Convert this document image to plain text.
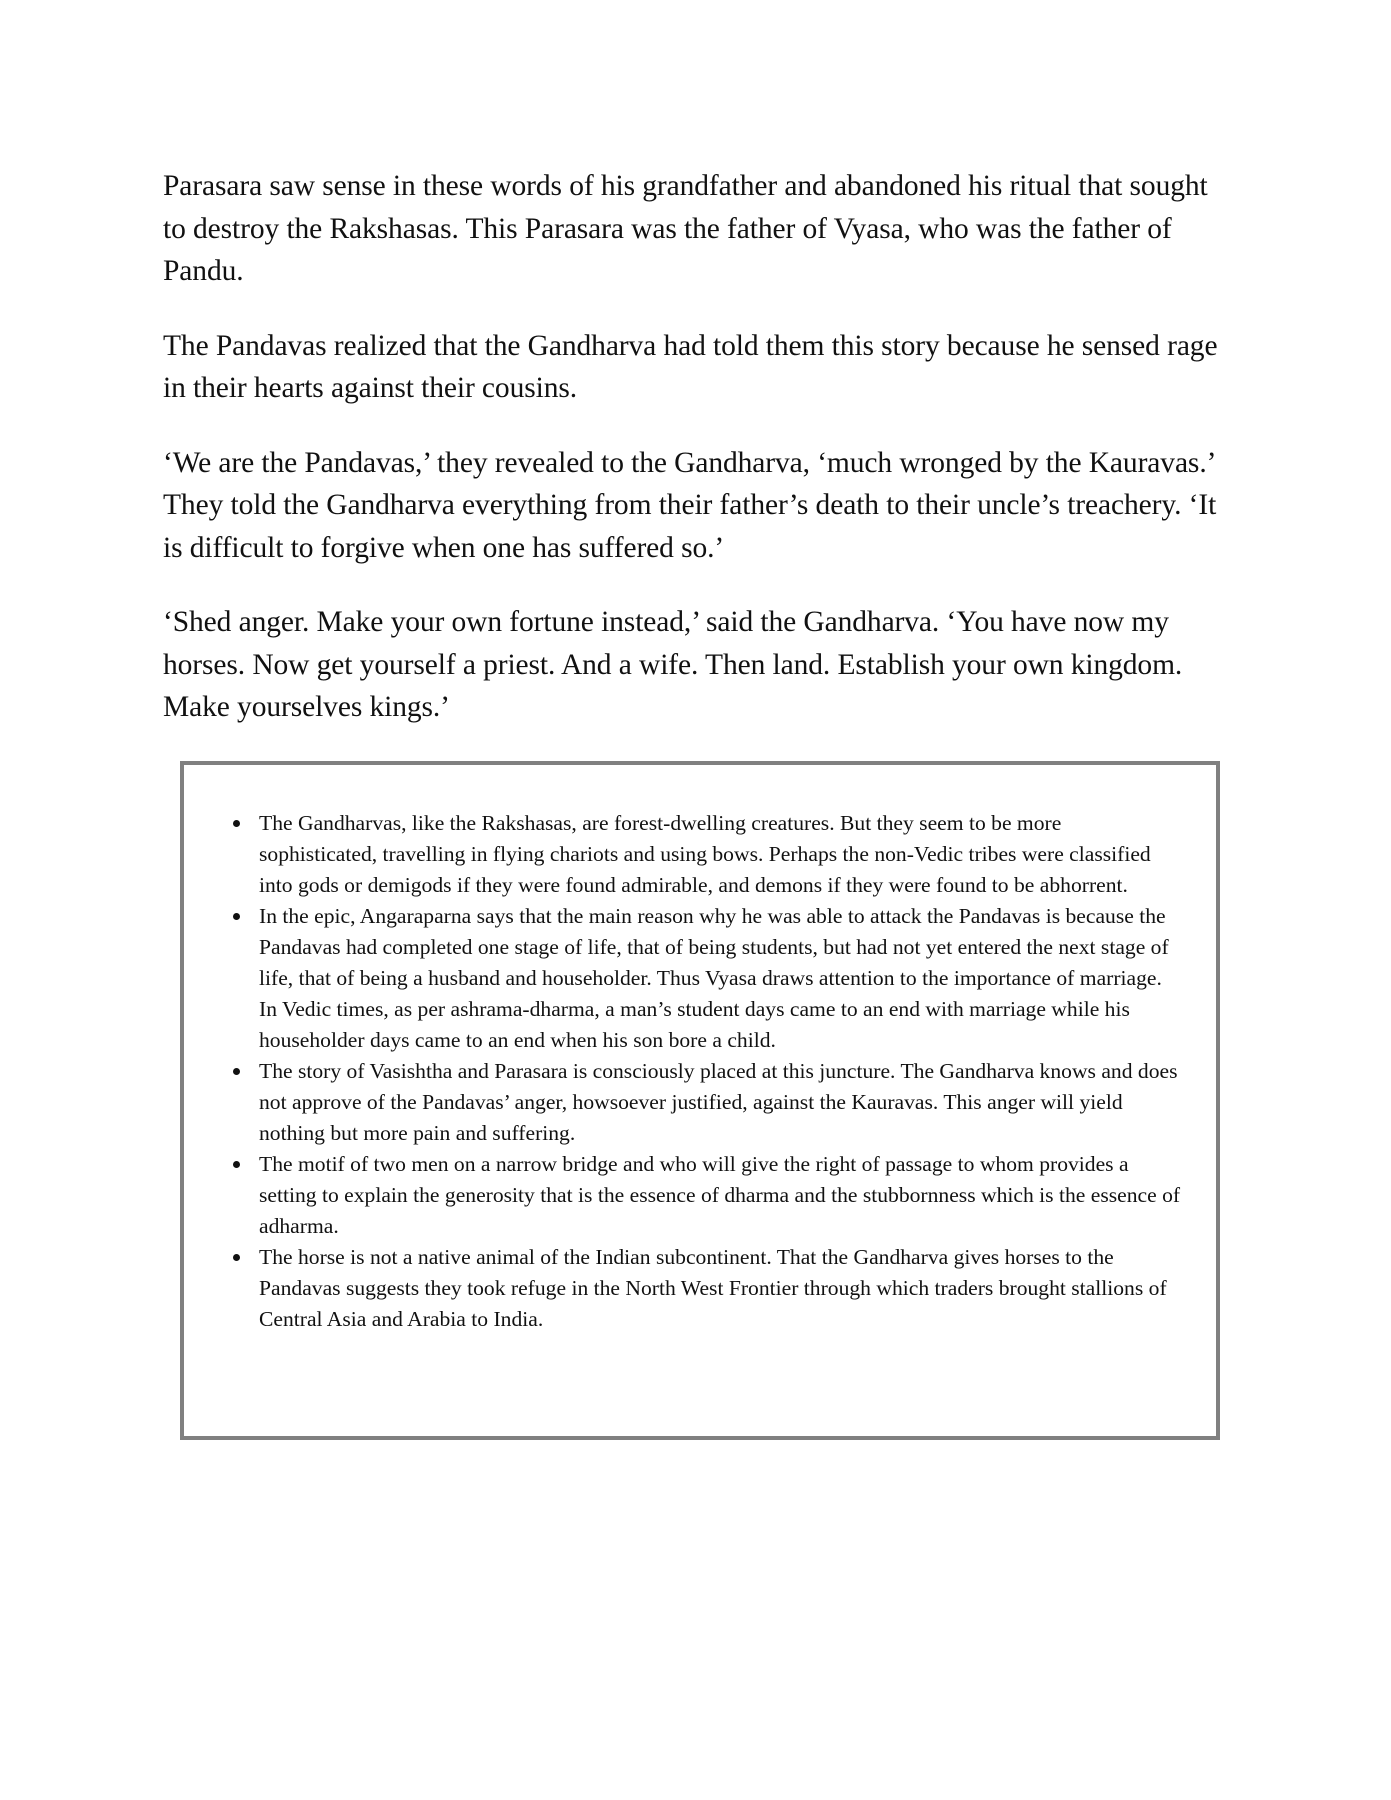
Parasara saw sense in these words of his grandfather and abandoned his ritual that sought to destroy the Rakshasas. This Parasara was the father of Vyasa, who was the father of Pandu.

The Pandavas realized that the Gandharva had told them this story because he sensed rage in their hearts against their cousins.

‘We are the Pandavas,’ they revealed to the Gandharva, ‘much wronged by the Kauravas.’ They told the Gandharva everything from their father’s death to their uncle’s treachery. ‘It is difficult to forgive when one has suffered so.’

‘Shed anger. Make your own fortune instead,’ said the Gandharva. ‘You have now my horses. Now get yourself a priest. And a wife. Then land. Establish your own kingdom. Make yourselves kings.’

The Gandharvas, like the Rakshasas, are forest-dwelling creatures. But they seem to be more sophisticated, travelling in flying chariots and using bows. Perhaps the non-Vedic tribes were classified into gods or demigods if they were found admirable, and demons if they were found to be abhorrent.
In the epic, Angaraparna says that the main reason why he was able to attack the Pandavas is because the Pandavas had completed one stage of life, that of being students, but had not yet entered the next stage of life, that of being a husband and householder. Thus Vyasa draws attention to the importance of marriage. In Vedic times, as per ashrama-dharma, a man’s student days came to an end with marriage while his householder days came to an end when his son bore a child.
The story of Vasishtha and Parasara is consciously placed at this juncture. The Gandharva knows and does not approve of the Pandavas’ anger, howsoever justified, against the Kauravas. This anger will yield nothing but more pain and suffering.
The motif of two men on a narrow bridge and who will give the right of passage to whom provides a setting to explain the generosity that is the essence of dharma and the stubbornness which is the essence of adharma.
The horse is not a native animal of the Indian subcontinent. That the Gandharva gives horses to the Pandavas suggests they took refuge in the North West Frontier through which traders brought stallions of Central Asia and Arabia to India.
